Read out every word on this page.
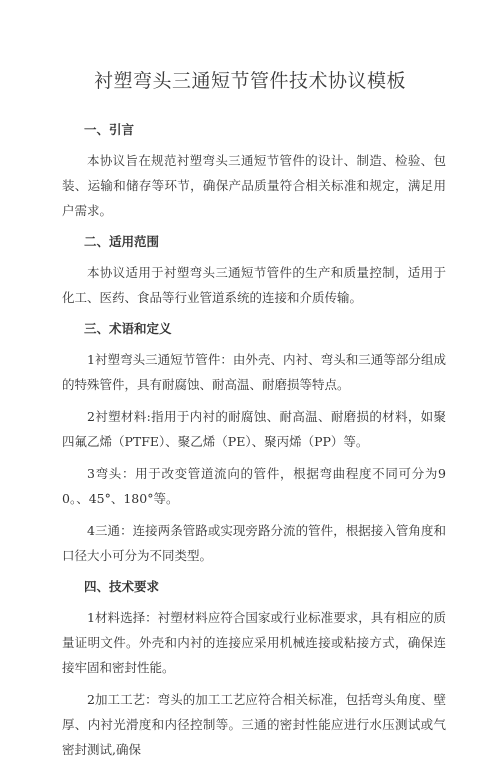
衬塑弯头三通短节管件技术协议模板
一、引言
本协议旨在规范衬塑弯头三通短节管件的设计、制造、检验、包装、运输和储存等环节，确保产品质量符合相关标准和规定，满足用户需求。
二、适用范围
本协议适用于衬塑弯头三通短节管件的生产和质量控制，适用于化工、医药、食品等行业管道系统的连接和介质传输。
三、术语和定义
1衬塑弯头三通短节管件：由外壳、内衬、弯头和三通等部分组成的特殊管件，具有耐腐蚀、耐高温、耐磨损等特点。
2衬塑材料:指用于内衬的耐腐蚀、耐高温、耐磨损的材料，如聚四氟乙烯（PTFE）、聚乙烯（PE）、聚丙烯（PP）等。
3弯头：用于改变管道流向的管件，根据弯曲程度不同可分为90。、45°、180°等。
4三通：连接两条管路或实现旁路分流的管件，根据接入管角度和口径大小可分为不同类型。
四、技术要求
1材料选择：衬塑材料应符合国家或行业标准要求，具有相应的质量证明文件。外壳和内衬的连接应采用机械连接或粘接方式，确保连接牢固和密封性能。
2加工工艺：弯头的加工工艺应符合相关标准，包括弯头角度、壁厚、内衬光滑度和内径控制等。三通的密封性能应进行水压测试或气密封测试,确保
